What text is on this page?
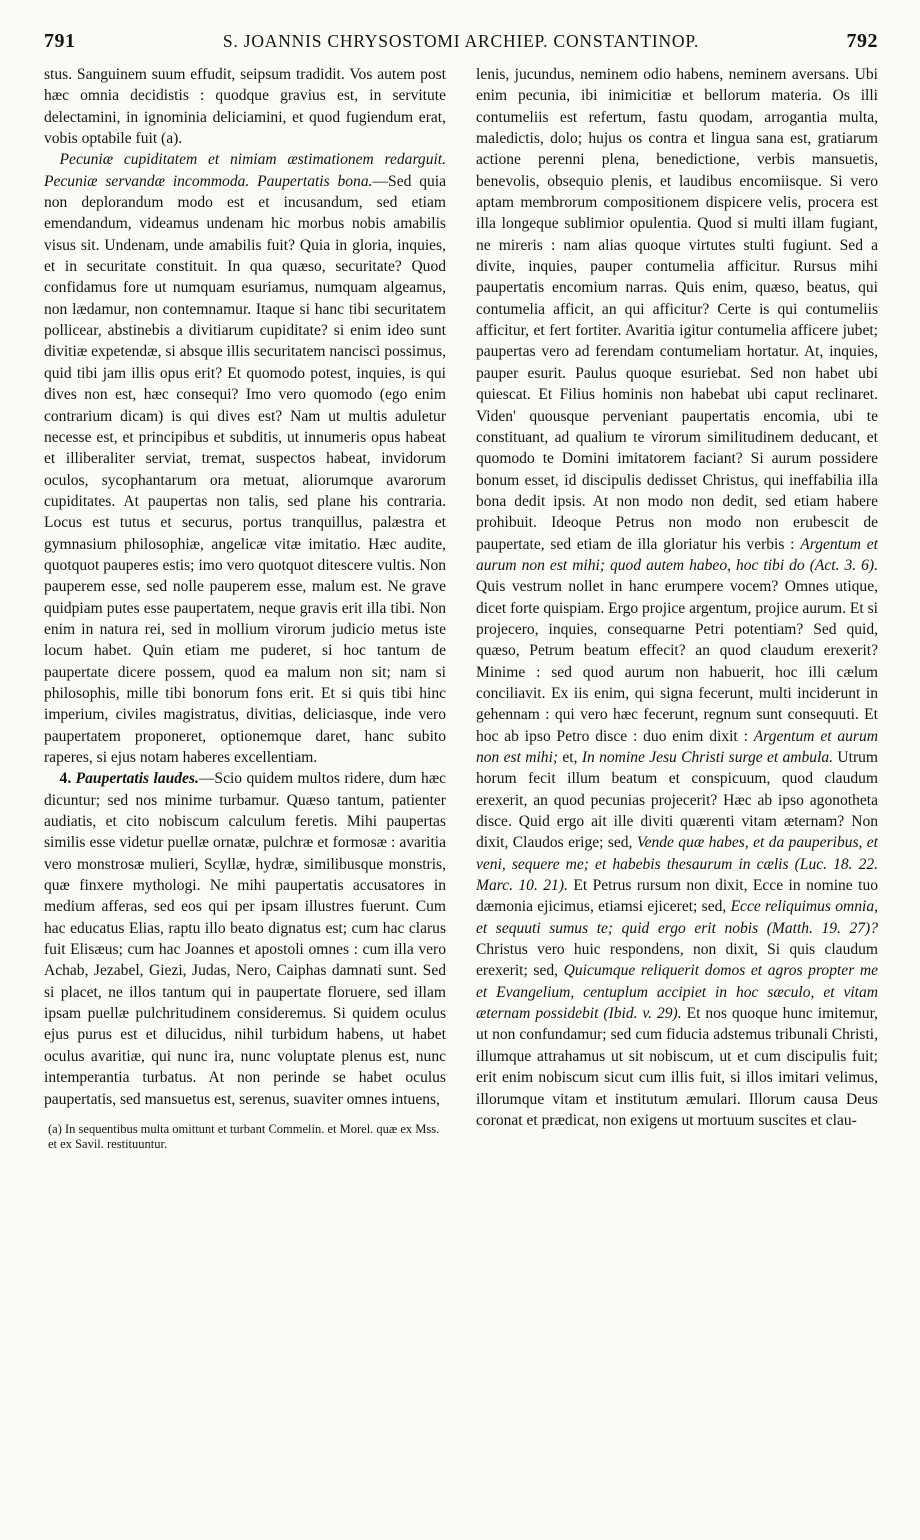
791	S. JOANNIS CHRYSOSTOMI ARCHIEP. CONSTANTINOP.	792

stus. Sanguinem suum effudit, seipsum tradidit. Vos autem post hæc omnia decidistis : quodque gravius est, in servitute delectamini, in ignominia deliciamini, et quod fugiendum erat, vobis optabile fuit (a).

 Pecuniæ cupiditatem et nimiam æstimationem redarguit. Pecuniæ servandæ incommoda. Paupertatis bona.—Sed quia non deplorandum modo est et incusandum, sed etiam emendandum, videamus undenam hic morbus nobis amabilis visus sit. Undenam, unde amabilis fuit? Quia in gloria, inquies, et in securitate constituit. In qua quæso, securitate? Quod confidamus fore ut numquam esuriamus, numquam algeamus, non lædamur, non contemnamur. Itaque si hanc tibi securitatem pollicear, abstinebis a divitiarum cupiditate? si enim ideo sunt divitiæ expetendæ, si absque illis securitatem nancisci possimus, quid tibi jam illis opus erit? Et quomodo potest, inquies, is qui dives non est, hæc consequi? Imo vero quomodo (ego enim contrarium dicam) is qui dives est? Nam ut multis aduletur necesse est, et principibus et subditis, ut innumeris opus habeat et illiberaliter serviat, tremat, suspectos habeat, invidorum oculos, sycophantarum ora metuat, aliorumque avarorum cupiditates. At paupertas non talis, sed plane his contraria. Locus est tutus et securus, portus tranquillus, palæstra et gymnasium philosophiæ, angelicæ vitæ imitatio. Hæc audite, quotquot pauperes estis; imo vero quotquot ditescere vultis. Non pauperem esse, sed nolle pauperem esse, malum est. Ne grave quidpiam putes esse paupertatem, neque gravis erit illa tibi. Non enim in natura rei, sed in mollium virorum judicio metus iste locum habet. Quin etiam me puderet, si hoc tantum de paupertate dicere possem, quod ea malum non sit; nam si philosophis, mille tibi bonorum fons erit. Et si quis tibi hinc imperium, civiles magistratus, divitias, deliciasque, inde vero paupertatem proponeret, optionemque daret, hanc subito raperes, si ejus notam haberes excellentiam.

 4. Paupertatis laudes.—Scio quidem multos ridere, dum hæc dicuntur; sed nos minime turbamur. Quæso tantum, patienter audiatis, et cito nobiscum calculum feretis. Mihi paupertas similis esse videtur puellæ ornatæ, pulchræ et formosæ : avaritia vero monstrosæ mulieri, Scyllæ, hydræ, similibusque monstris, quæ finxere mythologi. Ne mihi paupertatis accusatores in medium afferas, sed eos qui per ipsam illustres fuerunt. Cum hac educatus Elias, raptu illo beato dignatus est; cum hac clarus fuit Elisæus; cum hac Joannes et apostoli omnes : cum illa vero Achab, Jezabel, Giezi, Judas, Nero, Caiphas damnati sunt. Sed si placet, ne illos tantum qui in paupertate floruere, sed illam ipsam puellæ pulchritudinem consideremus. Si quidem oculus ejus purus est et dilucidus, nihil turbidum habens, ut habet oculus avaritiæ, qui nunc ira, nunc voluptate plenus est, nunc intemperantia turbatus. At non perinde se habet oculus paupertatis, sed mansuetus est, serenus, suaviter omnes intuens,

(a) In sequentibus multa omittunt et turbant Commelin. et Morel. quæ ex Mss. et ex Savil. restituuntur.

lenis, jucundus, neminem odio habens, neminem aversans. Ubi enim pecunia, ibi inimicitiæ et bellorum materia. Os illi contumeliis est refertum, fastu quodam, arrogantia multa, maledictis, dolo; hujus os contra et lingua sana est, gratiarum actione perenni plena, benedictione, verbis mansuetis, benevolis, obsequio plenis, et laudibus encomiisque. Si vero aptam membrorum compositionem dispicere velis, procera est illa longeque sublimior opulentia. Quod si multi illam fugiant, ne mireris : nam alias quoque virtutes stulti fugiunt. Sed a divite, inquies, pauper contumelia afficitur. Rursus mihi paupertatis encomium narras. Quis enim, quæso, beatus, qui contumelia afficit, an qui afficitur? Certe is qui contumeliis afficitur, et fert fortiter. Avaritia igitur contumelia afficere jubet; paupertas vero ad ferendam contumeliam hortatur. At, inquies, pauper esurit. Paulus quoque esuriebat. Sed non habet ubi quiescat. Et Filius hominis non habebat ubi caput reclinaret. Viden' quousque perveniant paupertatis encomia, ubi te constituant, ad qualium te virorum similitudinem deducant, et quomodo te Domini imitatorem faciant? Si aurum possidere bonum esset, id discipulis dedisset Christus, qui ineffabilia illa bona dedit ipsis. At non modo non dedit, sed etiam habere prohibuit. Ideoque Petrus non modo non erubescit de paupertate, sed etiam de illa gloriatur his verbis : Argentum et aurum non est mihi; quod autem habeo, hoc tibi do (Act. 3. 6). Quis vestrum nollet in hanc erumpere vocem? Omnes utique, dicet forte quispiam. Ergo projice argentum, projice aurum. Et si projecero, inquies, consequarne Petri potentiam? Sed quid, quæso, Petrum beatum effecit? an quod claudum erexerit? Minime : sed quod aurum non habuerit, hoc illi cælum conciliavit. Ex iis enim, qui signa fecerunt, multi inciderunt in gehennam : qui vero hæc fecerunt, regnum sunt consequuti. Et hoc ab ipso Petro disce : duo enim dixit : Argentum et aurum non est mihi; et, In nomine Jesu Christi surge et ambula. Utrum horum fecit illum beatum et conspicuum, quod claudum erexerit, an quod pecunias projecerit? Hæc ab ipso agonotheta disce. Quid ergo ait ille diviti quærenti vitam æternam? Non dixit, Claudos erige; sed, Vende quæ habes, et da pauperibus, et veni, sequere me; et habebis thesaurum in cælis (Luc. 18. 22. Marc. 10. 21). Et Petrus rursum non dixit, Ecce in nomine tuo dæmonia ejicimus, etiamsi ejiceret; sed, Ecce reliquimus omnia, et sequuti sumus te; quid ergo erit nobis (Matth. 19. 27)? Christus vero huic respondens, non dixit, Si quis claudum erexerit; sed, Quicumque reliquerit domos et agros propter me et Evangelium, centuplum accipiet in hoc sæculo, et vitam æternam possidebit (Ibid. v. 29). Et nos quoque hunc imitemur, ut non confundamur; sed cum fiducia adstemus tribunali Christi, illumque attrahamus ut sit nobiscum, ut et cum discipulis fuit; erit enim nobiscum sicut cum illis fuit, si illos imitari velimus, illorumque vitam et institutum æmulari. Illorum causa Deus coronat et prædicat, non exigens ut mortuum suscites et clau-
